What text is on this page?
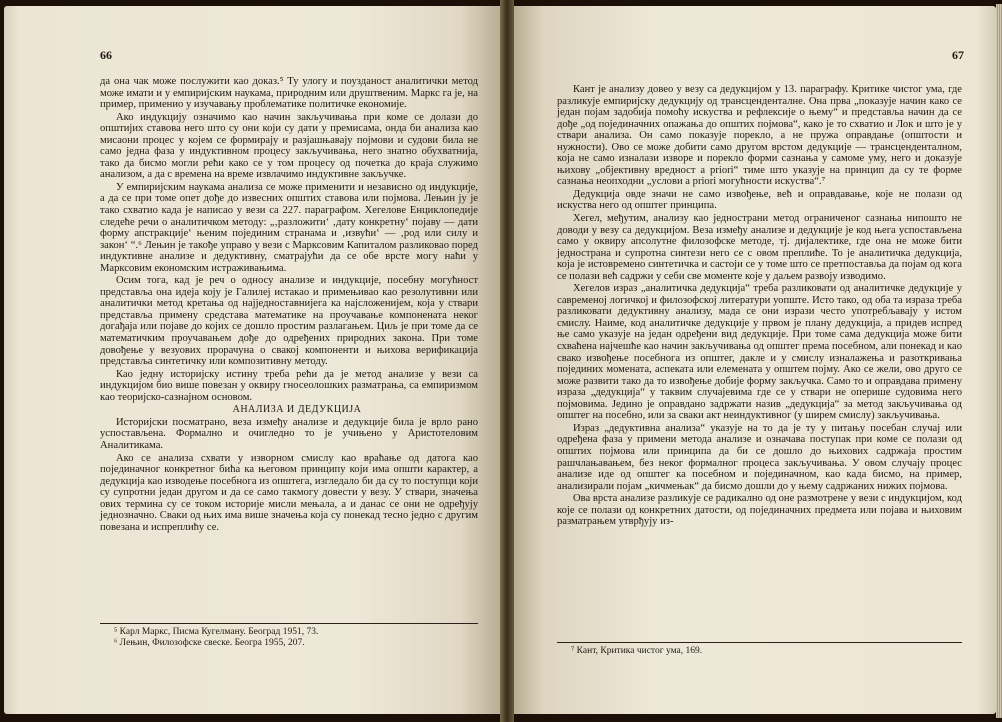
66

да она чак може послужити као доказ.⁵ Ту улогу и поузданост аналитички метод може имати и у емпиријским наукама, природним или друштвеним. Маркс га је, на пример, применио у изучавању проблематике политичке економије.

Ако индукцију означимо као начин закључивања при коме се долази до општијих ставова него што су они који су дати у премисама, онда би анализа као мисаони процес у којем се формирају и разјашњавају појмови и судови била не само једна фаза у индуктивном процесу закључивања, него знатно обухватнија, тако да бисмо могли рећи како се у том процесу од почетка до краја служимо анализом, а да с времена на време извлачимо индуктивне закључке.

У емпиријским наукама анализа се може применити и независно од индукције, а да се при томе опет дође до извесних општих ставова или појмова. Лењин ју је тако схватио када је написао у вези са 227. параграфом. Хегелове Енциклопедије следеће речи о аналитичком методу: „‚разложити‘ ‚дату конкретну‘ појаву — дати форму апстракције‘ њеним појединим странама и ‚извући‘ — ‚род или силу и закон‘ “.⁶ Лењин је такође управо у вези с Марксовим Капиталом разликовао поред индуктивне анализе и дедуктивну, сматрајући да се обе врсте могу наћи у Марксовим економским истраживањима.

Осим тога, кад је реч о односу анализе и индукције, посебну могућност представља она идеја коју је Галилеј истакао и примењивао као резолутивни или аналитички метод кретања од најједноставнијега ка најсложенијем, која у ствари представља примену средстава математике на проучавање компонената неког догађаја или појаве до којих се дошло простим разлагањем. Циљ је при томе да се математичким проучавањем дође до одређених природних закона. При томе довођење у везуових прорачуна о свакој компоненти и њихова верификација представља синтетичку или композитивну методу.

Као једну историјску истину треба рећи да је метод анализе у вези са индукцијом био више повезан у оквиру гносеолошких разматрања, са емпиризмом као теоријско-сазнајном основом.

АНАЛИЗА И ДЕДУКЦИЈА

Историјски посматрано, веза између анализе и дедукције била је врло рано успостављена. Формално и очигледно то је учињено у Аристотеловим Аналитикама.

Ако се анализа схвати у изворном смислу као враћање од датога као појединачног конкретног бића ка његовом принципу који има општи карактер, а дедукција као изводење посебнога из општега, изгледало би да су то поступци који су супротни један другом и да се само такмогу довести у везу. У ствари, значења ових термина су се током историје мисли мењала, а и данас се они не одређују једнозначно. Сваки од њих има више значења која су понекад тесно једно с другим повезана и испреплићу се.

⁵ Карл Маркс, Писма Кугелману. Београд 1951, 73.
⁶ Лењин, Филозофске свеске. Београ 1955, 207.
67

Кант је анализу довео у везу са дедукцијом у 13. параграфу. Критике чистог ума, где разликује емпиријску дедукцију од трансценденталне. Она прва „показује начин како се један појам задобија помоћу искуства и рефлексије о њему“ и представља начин да се дође „од појединачних опажања до општих појмова“, како је то схватио и Лок и што је у ствари анализа. Он само показује порекло, а не пружа оправдање (општости и нужности). Ово се може добити само другом врстом дедукције — трансценденталном, која не само изналази изворе и порекло форми сазнања у самоме уму, него и доказује њихову „објективну вредност a priori“ тиме што указује на принцип да су те форме сазнања неопходни „услови a priori могућности искуства“.⁷

Дедукција овде значи не само извођење, већ и оправдавање, које не полази од искуства него од општег принципа.

Хегел, међутим, анализу као једнострани метод ограниченог сазнања нипошто не доводи у везу са дедукцијом. Веза између анализе и дедукције је код њега успостављена само у оквиру апсолутне филозофске методе, тј. дијалектике, где она не може бити једнострана и супротна синтези него се с овом преплиће. То је аналитичка дедукција, која је истовремено синтетичка и састоји се у томе што се претпоставља да појам од кога се полази већ садржи у себи све моменте које у даљем развоју изводимо.

Хегелов израз „аналитичка дедукција“ треба разликовати од аналитичке дедукције у савременој логичкој и филозофској литератури уопште. Исто тако, од оба та израза треба разликовати дедуктивну анализу, мада се они изрази често употребљавају у истом смислу. Наиме, код аналитичке дедукције у првом је плану дедукција, а придев испред ње само указује на један одређени вид дедукције. При томе сама дедукција може бити схваћена најчешће као начин закључивања од општег према посебном, али понекад и као свако извођење посебнога из општег, дакле и у смислу изналажења и разоткривања појединих момената, аспеката или елемената у општем појму. Ако се жели, ово друго се може развити тако да то извођење добије форму закључка. Само то и оправдава примену израза „дедукција“ у таквим случајевима где се у ствари не оперише судовима него појмовима. Једино је оправдано задржати назив „дедукција“ за метод закључивања од општег на посебно, или за сваки акт неиндуктивног (у ширем смислу) закључивања.

Израз „дедуктивна анализа“ указује на то да је ту у питању посебан случај или одређена фаза у примени метода анализе и означава поступак при коме се полази од општих појмова или принципа да би се дошло до њихових садржаја простим рашчлањавањем, без неког формалног процеса закључивања. У овом случају процес анализе иде од општег ка посебном и појединачном, као када бисмо, на пример, анализирали појам „кичмењак“ да бисмо дошли до у њему садржаних нижих појмова.

Ова врста анализе разликује се радикално од оне размотрене у вези с индукцијом, код које се полази од конкретних датости, од појединачних предмета или појава и њиховим разматрањем утврђују из-

⁷ Кант, Критика чистог ума, 169.
